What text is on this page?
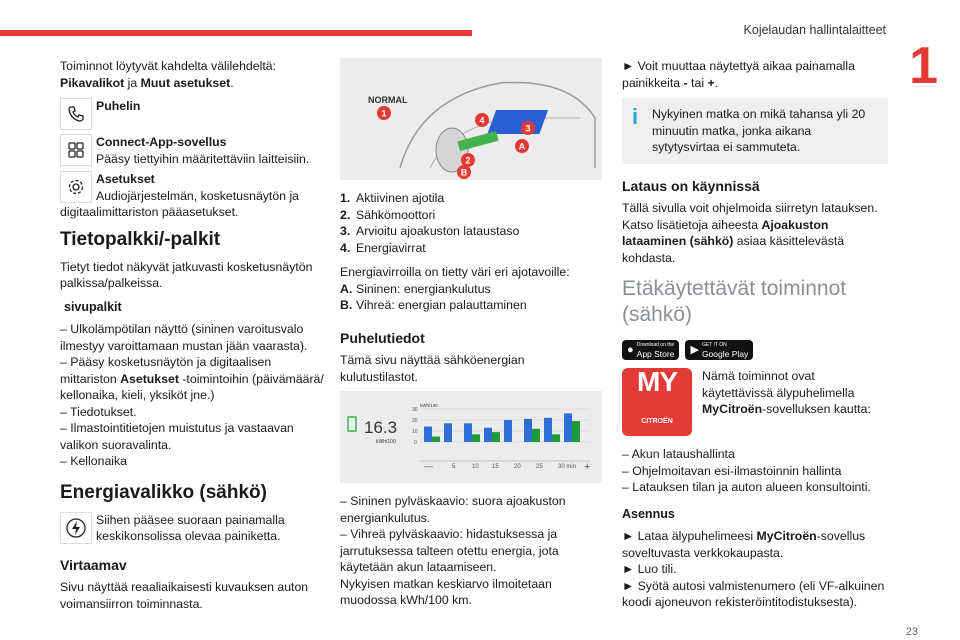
Kojelaudan hallintalaitteet
1
23

Toiminnot löytyvät kahdelta välilehdeltä:
Pikavalikot ja Muut asetukset.

Puhelin
Connect-App-sovellus
Pääsy tiettyihin määritettäviin laitteisiin.
Asetukset
Audiojärjestelmän, kosketusnäytön ja

digitaalimittariston pääasetukset.

Tietopalkki/-palkit

Tietyt tiedot näkyvät jatkuvasti kosketusnäytön palkissa/palkeissa.

sivupalkit

– Ulkolämpötilan näyttö (sininen varoitusvalo ilmestyy varoittamaan mustan jään vaarasta).

– Pääsy kosketusnäytön ja digitaalisen mittariston Asetukset -toimintoihin (päivämäärä/ kellonaika, kieli, yksiköt jne.)

– Tiedotukset.

– Ilmastointitietojen muistutus ja vastaavan valikon suoravalinta.

– Kellonaika

Energiavalikko (sähkö)
Siihen pääsee suoraan painamalla keskikonsolissa olevaa painiketta.
Virtaamav

Sivu näyttää reaaliaikaisesti kuvauksen auton voimansiirron toiminnasta.

NORMAL
1
2
3
4
A
B

1. Aktiivinen ajotila

2. Sähkömoottori

3. Arvioitu ajoakuston lataustaso

4. Energiavirrat

Energiavirroilla on tietty väri eri ajotavoille:

A. Sininen: energiankulutus

B. Vihreä: energian palauttaminen

Puhelutiedot

Tämä sivu näyttää sähköenergian kulutustilastot.

16.3
kWh/100
kWh/100
30
20
10
0
—	5	10 15	20	25	30 min +

– Sininen pylväskaavio: suora ajoakuston energiankulutus.

– Vihreä pylväskaavio: hidastuksessa ja jarrutuksessa talteen otettu energia, jota käytetään akun lataamiseen.

Nykyisen matkan keskiarvo ilmoitetaan muodossa kWh/100 km.

► Voit muuttaa näytettyä aikaa painamalla painikkeita - tai +.

i	Nykyinen matka on mikä tahansa yli 20 minuutin matka, jonka aikana sytytysvirtaa ei sammuteta.
Lataus on käynnissä

Tällä sivulla voit ohjelmoida siirretyn latauksen. Katso lisätietoja aiheesta Ajoakuston lataaminen (sähkö) asiaa käsittelevästä kohdasta.

Etäkäytettävät toiminnot (sähkö)
● Download on the
App Store ▶ GET IT ON
Google Play
MY
CITROËN
Nämä toiminnot ovat käytettävissä älypuhelimella MyCitroën-sovelluksen kautta:

– Akun lataushallinta

– Ohjelmoitavan esi-ilmastoinnin hallinta

– Latauksen tilan ja auton alueen konsultointi.

Asennus

► Lataa älypuhelimeesi MyCitroën-sovellus soveltuvasta verkkokaupasta.

► Luo tili.

► Syötä autosi valmistenumero (eli VF-alkuinen koodi ajoneuvon rekisteröintitodistuksesta).
